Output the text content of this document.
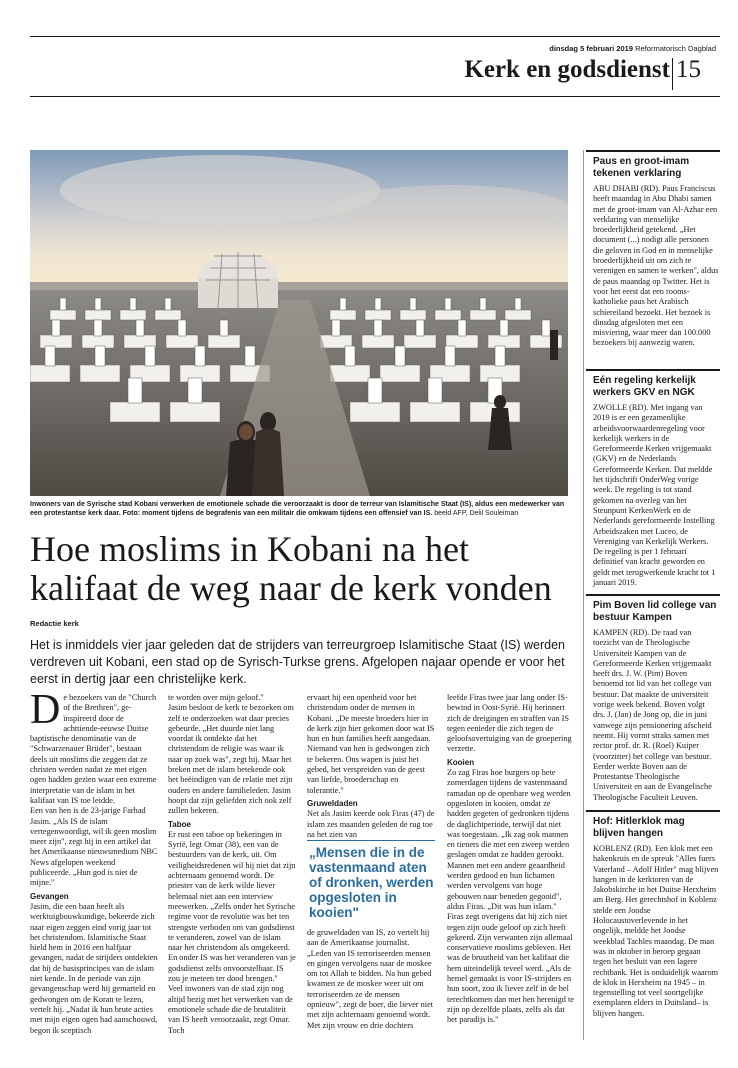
dinsdag 5 februari 2019 Reformatorisch Dagblad
Kerk en godsdienst 15
Inwoners van de Syrische stad Kobani verwerken de emotionele schade die veroorzaakt is door de terreur van Islamitische Staat (IS), aldus een medewerker van een protestantse kerk daar. Foto: moment tijdens de begrafenis van een militair die omkwam tijdens een offensief van IS. beeld AFP, Delil Souleiman
Hoe moslims in Kobani na het kalifaat de weg naar de kerk vonden
Redactie kerk
Het is inmiddels vier jaar geleden dat de strijders van terreurgroep Islamitische Staat (IS) werden verdreven uit Kobani, een stad op de Syrisch-Turkse grens. Afgelopen najaar opende er voor het eerst in dertig jaar een christelijke kerk.

De bezoekers van de "Church of the Brethren", geïnspireerd door de achttiende-eeuwse Duitse baptistische denominatie van de "Schwarzenauer Brüder", bestaan deels uit moslims die zeggen dat ze christen werden nadat ze met eigen ogen hadden gezien waar een extreme interpretatie van de islam in het kalifaat van IS toe leidde.

Een van hen is de 23-jarige Farhad Jasim. „Als IS de islam vertegenwoordigt, wil ik geen moslim meer zijn", zegt hij in een artikel dat het Amerikaanse nieuwsmedium NBC News afgelopen weekend publiceerde. „Hun god is niet de mijne."

Gevangen

Jasim, die een baan heeft als werktuigbouwkundige, bekeerde zich naar eigen zeggen eind vorig jaar tot het christendom. Islamitische Staat hield hem in 2016 een halfjaar gevangen, nadat de strijders ontdekten dat hij de basisprincipes van de islam niet kende. In de periode van zijn gevangenschap werd hij gemarteld en gedwongen om de Koran te lezen, vertelt hij. „Nadat ik hun brute acties met mijn eigen ogen had aanschouwd, begon ik sceptisch

te worden over mijn geloof."

Jasim besloot de kerk te bezoeken om zelf te onderzoeken wat daar precies gebeurde. „Het duurde niet lang voordat ik ontdekte dat het christendom de religie was waar ik naar op zoek was", zegt hij. Maar het breken met de islam betekende ook het beëindigen van de relatie met zijn ouders en andere familieleden. Jasim hoopt dat zijn geliefden zich ook zelf zullen bekeren.

Taboe

Er rust een taboe op bekeringen in Syrië, legt Omar (38), een van de bestuurders van de kerk, uit. Om veiligheidsredenen wil hij niet dat zijn achternaam genoemd wordt. De priester van de kerk wilde liever helemaal niet aan een interview meewerken. „Zelfs onder het Syrische regime voor de revolutie was het ten strengste verboden om van godsdienst te veranderen, zowel van de islam naar het christendom als omgekeerd. En onder IS was het veranderen van je godsdienst zelfs onvoorstelbaar. IS zou je meteen ter dood brengen."

Veel inwoners van de stad zijn nog altijd bezig met het verwerken van de emotionele schade die de brutaliteit van IS heeft veroorzaakt, zegt Omar. Toch

ervaart hij een openheid voor het christendom onder de mensen in Kobani. „De meeste broeders hier in de kerk zijn hier gekomen door wat IS hun en hun families heeft aangedaan. Niemand van hen is gedwongen zich te bekeren. Ons wapen is juist het gebed, het verspreiden van de geest van liefde, broederschap en tolerantie."

Gruweldaden

Net als Jasim keerde ook Firas (47) de islam zes maanden geleden de rug toe na het zien van

„Mensen die in de vastenmaand aten of dronken, werden opgesloten in kooien"

de gruweldaden van IS, zo vertelt hij aan de Amerikaanse journalist. „Leden van IS terroriseerden mensen en gingen vervolgens naar de moskee om tot Allah te bidden. Na hun gebed kwamen ze de moskee weer uit om terroriseerden ze de mensen opnieuw", zegt de boer, die liever niet met zijn achternaam genoemd wordt. Met zijn vrouw en drie dochters

leefde Firas twee jaar lang onder IS-bewind in Oost-Syrië. Hij herinnert zich de dreigingen en straffen van IS tegen eenieder die zich tegen de geloofsovertuiging van de groepering verzette.

Kooien

Zo zag Firas hoe burgers op hete zomerdagen tijdens de vastenmaand ramadan op de openbare weg werden opgesloten in kooien, omdat ze hadden gegeten of gedronken tijdens de daglichtperiode, terwijl dat niet was toegestaan. „Ik zag ook mannen en tieners die met een zweep werden geslagen omdat ze hadden gerookt. Mannen met een andere geaardheid werden gedood en hun lichamen werden vervolgens van hoge gebouwen naar beneden gegooid", aldus Firas. „Dit was hun islam."

Firas zegt overigens dat hij zich niet tegen zijn oude geloof op zich heeft gekeerd. Zijn verwanten zijn allemaal conservatieve moslims gebleven. Het was de bruutheid van het kalifaat die hem uiteindelijk teveel werd. „Als de hemel gemaakt is voor IS-strijders en hun soort, zou ik liever zelf in de hel terechtkomen dan met hen herenigd te zijn op dezelfde plaats, zelfs als dat het paradijs is."

Paus en groot-imam tekenen verklaring

ABU DHABI (RD). Paus Franciscus heeft maandag in Abu Dhabi samen met de groot-imam van Al-Azhar een verklaring van menselijke broederlijkheid getekend. „Het document (...) nodigt alle personen die geloven in God en in menselijke broederlijkheid uit om zich te verenigen en samen te werken", aldus de paus maandag op Twitter. Het is voor het eerst dat een rooms-katholieke paus het Arabisch schiereiland bezoekt. Het bezoek is dinsdag afgesloten met een misviering, waar meer dan 100.000 bezoekers bij aanwezig waren.

Eén regeling kerkelijk werkers GKV en NGK

ZWOLLE (RD). Met ingang van 2019 is er een gezamenlijke arbeidsvoorwaardenregeling voor kerkelijk werkers in de Gereformeerde Kerken vrijgemaakt (GKV) en de Nederlands Gereformeerde Kerken. Dat meldde het tijdschrift OnderWeg vorige week. De regeling is tot stand gekomen na overleg van het Steunpunt KerkenWerk en de Nederlands gereformeerde Instelling Arbeidszaken met Luceo, de Vereniging van Kerkelijk Werkers. De regeling is per 1 februari definitief van kracht geworden en geldt met terugwerkende kracht tot 1 januari 2019.

Pim Boven lid college van bestuur Kampen

KAMPEN (RD). De raad van toezicht van de Theologische Universiteit Kampen van de Gereformeerde Kerken vrijgemaakt heeft drs. J. W. (Pim) Boven benoemd tot lid van het college van bestuur. Dat maakte de universiteit vorige week bekend. Boven volgt drs. J. (Jan) de Jong op, die in juni vanwege zijn pensionering afscheid neemt. Hij vormt straks samen met rector prof. dr. R. (Roel) Kuiper (voorzitter) het college van bestuur. Eerder werkte Boven aan de Protestantse Theologische Universiteit en aan de Evangelische Theologische Faculteit Leuven.

Hof: Hitlerklok mag blijven hangen

KOBLENZ (RD). Een klok met een hakenkruis en de spreuk "Alles fuers Vaterland – Adolf Hitler" mag blijven hangen in de kerktoren van de Jakobskirche in het Duitse Herxheim am Berg. Het gerechtshof in Koblenz stelde een Joodse Holocaustoverlevende in het ongelijk, meldde het Joodse weekblad Tachles maandag. De man was in oktober in beroep gegaan tegen het besluit van een lagere rechtbank. Het is onduidelijk waarom de klok in Herxheim na 1945 – in tegenstelling tot veel soortgelijke exemplaren elders in Duitsland– is blijven hangen.
